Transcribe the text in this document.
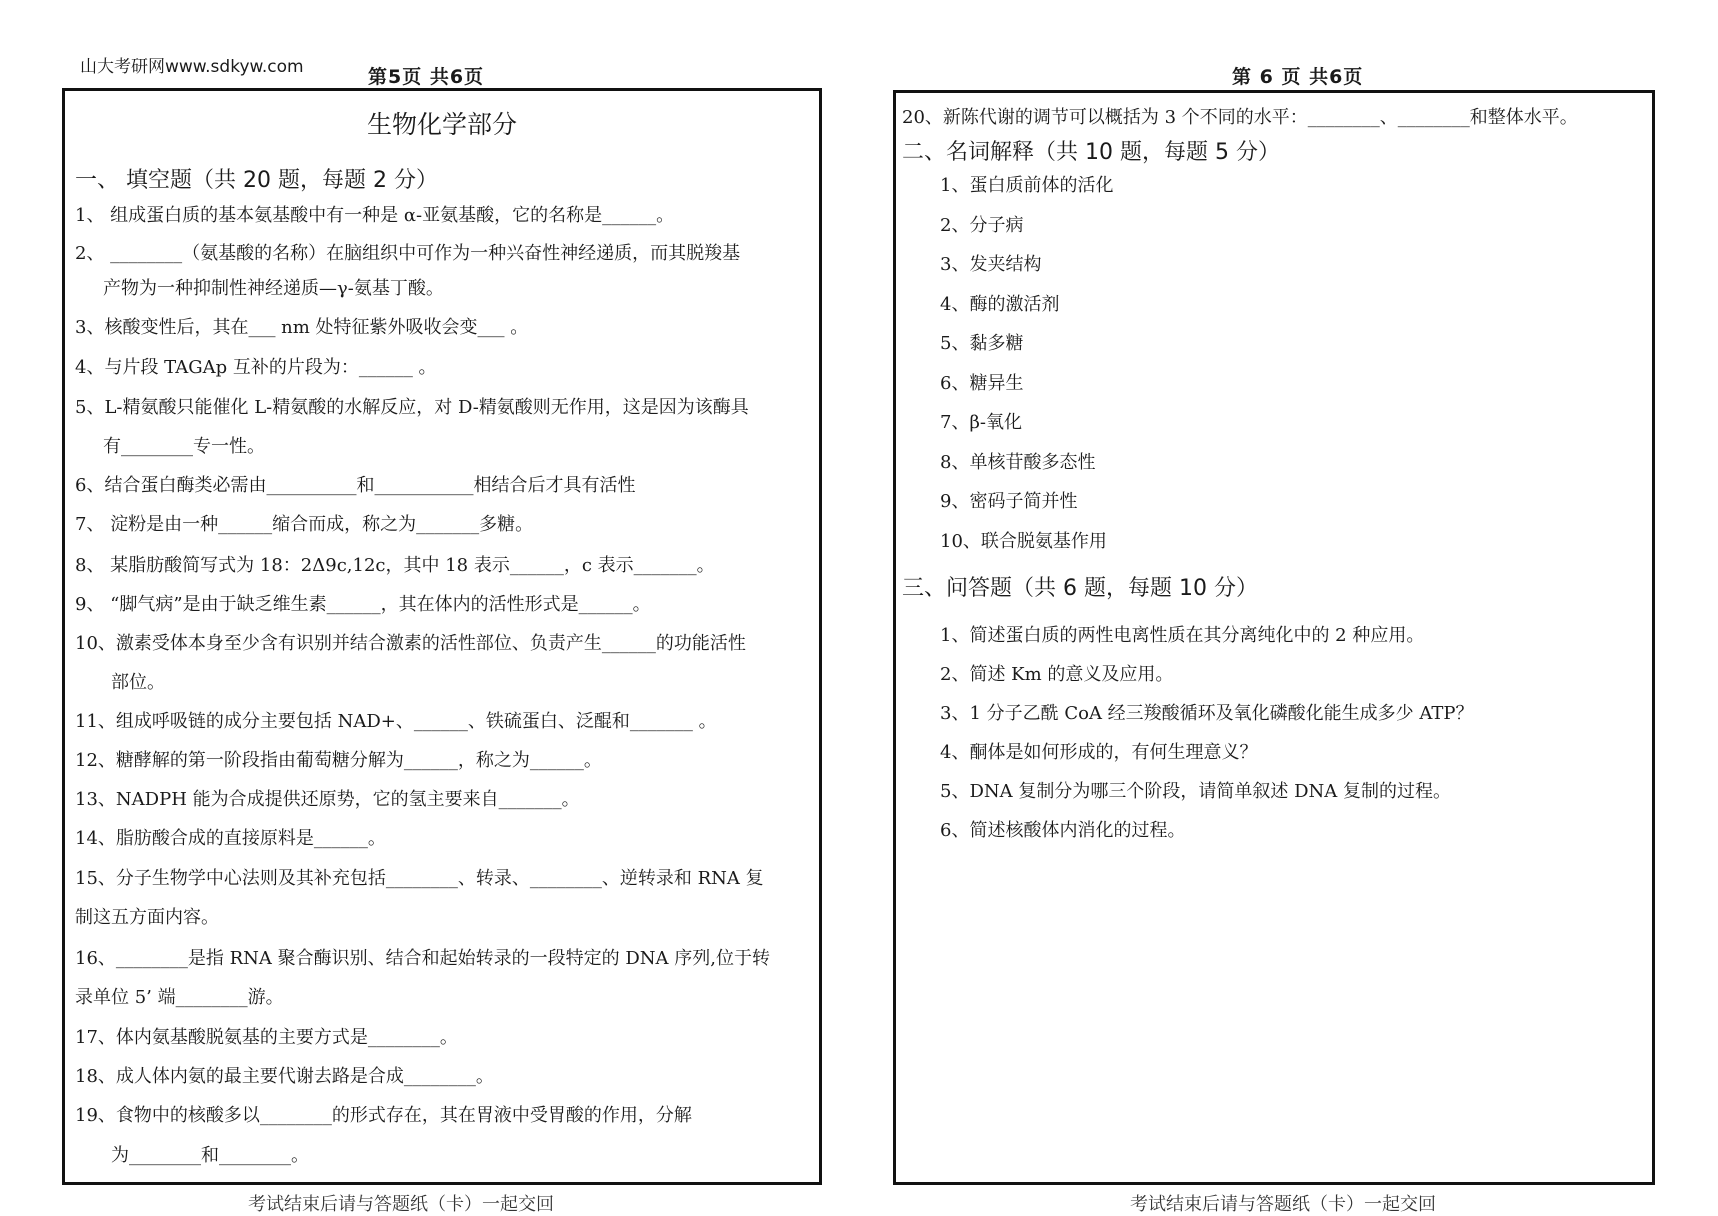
山大考研网www.sdkyw.com	第5页 共6页	第 6 页 共6页
生物化学部分
一、 填空题（共 20 题，每题 2 分）
1、 组成蛋白质的基本氨基酸中有一种是 α-亚氨基酸，它的名称是______。
2、 ________（氨基酸的名称）在脑组织中可作为一种兴奋性神经递质，而其脱羧基
产物为一种抑制性神经递质—γ-氨基丁酸。
3、核酸变性后，其在___ nm 处特征紫外吸收会变___ 。
4、与片段 TAGAp 互补的片段为：______ 。
5、L-精氨酸只能催化 L-精氨酸的水解反应，对 D-精氨酸则无作用，这是因为该酶具
有________专一性。
6、结合蛋白酶类必需由__________和___________相结合后才具有活性
7、 淀粉是由一种______缩合而成，称之为_______多糖。
8、 某脂肪酸简写式为 18：2Δ9c,12c，其中 18 表示______，c 表示_______。
9、 “脚气病”是由于缺乏维生素______，其在体内的活性形式是______。
10、激素受体本身至少含有识别并结合激素的活性部位、负责产生______的功能活性
部位。
11、组成呼吸链的成分主要包括 NAD+、______、铁硫蛋白、泛醌和_______ 。
12、糖酵解的第一阶段指由葡萄糖分解为______，称之为______。
13、NADPH 能为合成提供还原势，它的氢主要来自_______。
14、脂肪酸合成的直接原料是______。
15、分子生物学中心法则及其补充包括________、转录、________、逆转录和 RNA 复
制这五方面内容。
16、________是指 RNA 聚合酶识别、结合和起始转录的一段特定的 DNA 序列,位于转
录单位 5’ 端________游。
17、体内氨基酸脱氨基的主要方式是________。
18、成人体内氨的最主要代谢去路是合成________。
19、食物中的核酸多以________的形式存在，其在胃液中受胃酸的作用，分解
为________和________。
20、新陈代谢的调节可以概括为 3 个不同的水平：________、________和整体水平。
二、名词解释（共 10 题，每题 5 分）
1、蛋白质前体的活化
2、分子病
3、发夹结构
4、酶的激活剂
5、黏多糖
6、糖异生
7、β-氧化
8、单核苷酸多态性
9、密码子简并性
10、联合脱氨基作用
三、问答题（共 6 题，每题 10 分）
1、简述蛋白质的两性电离性质在其分离纯化中的 2 种应用。
2、简述 Km 的意义及应用。
3、1 分子乙酰 CoA 经三羧酸循环及氧化磷酸化能生成多少 ATP？
4、酮体是如何形成的，有何生理意义？
5、DNA 复制分为哪三个阶段，请简单叙述 DNA 复制的过程。
6、简述核酸体内消化的过程。
考试结束后请与答题纸（卡）一起交回	考试结束后请与答题纸（卡）一起交回
